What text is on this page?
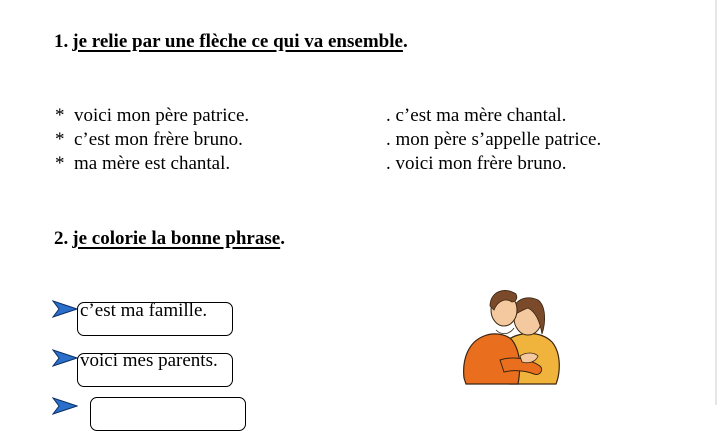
1. je relie par une flèche ce qui va ensemble.
* voici mon père patrice.	. c’est ma mère chantal.
* c’est mon frère bruno.	. mon père s’appelle patrice.
* ma mère est chantal.	. voici mon frère bruno.
2. je colorie la bonne phrase.
c’est ma famille.
voici mes parents.
